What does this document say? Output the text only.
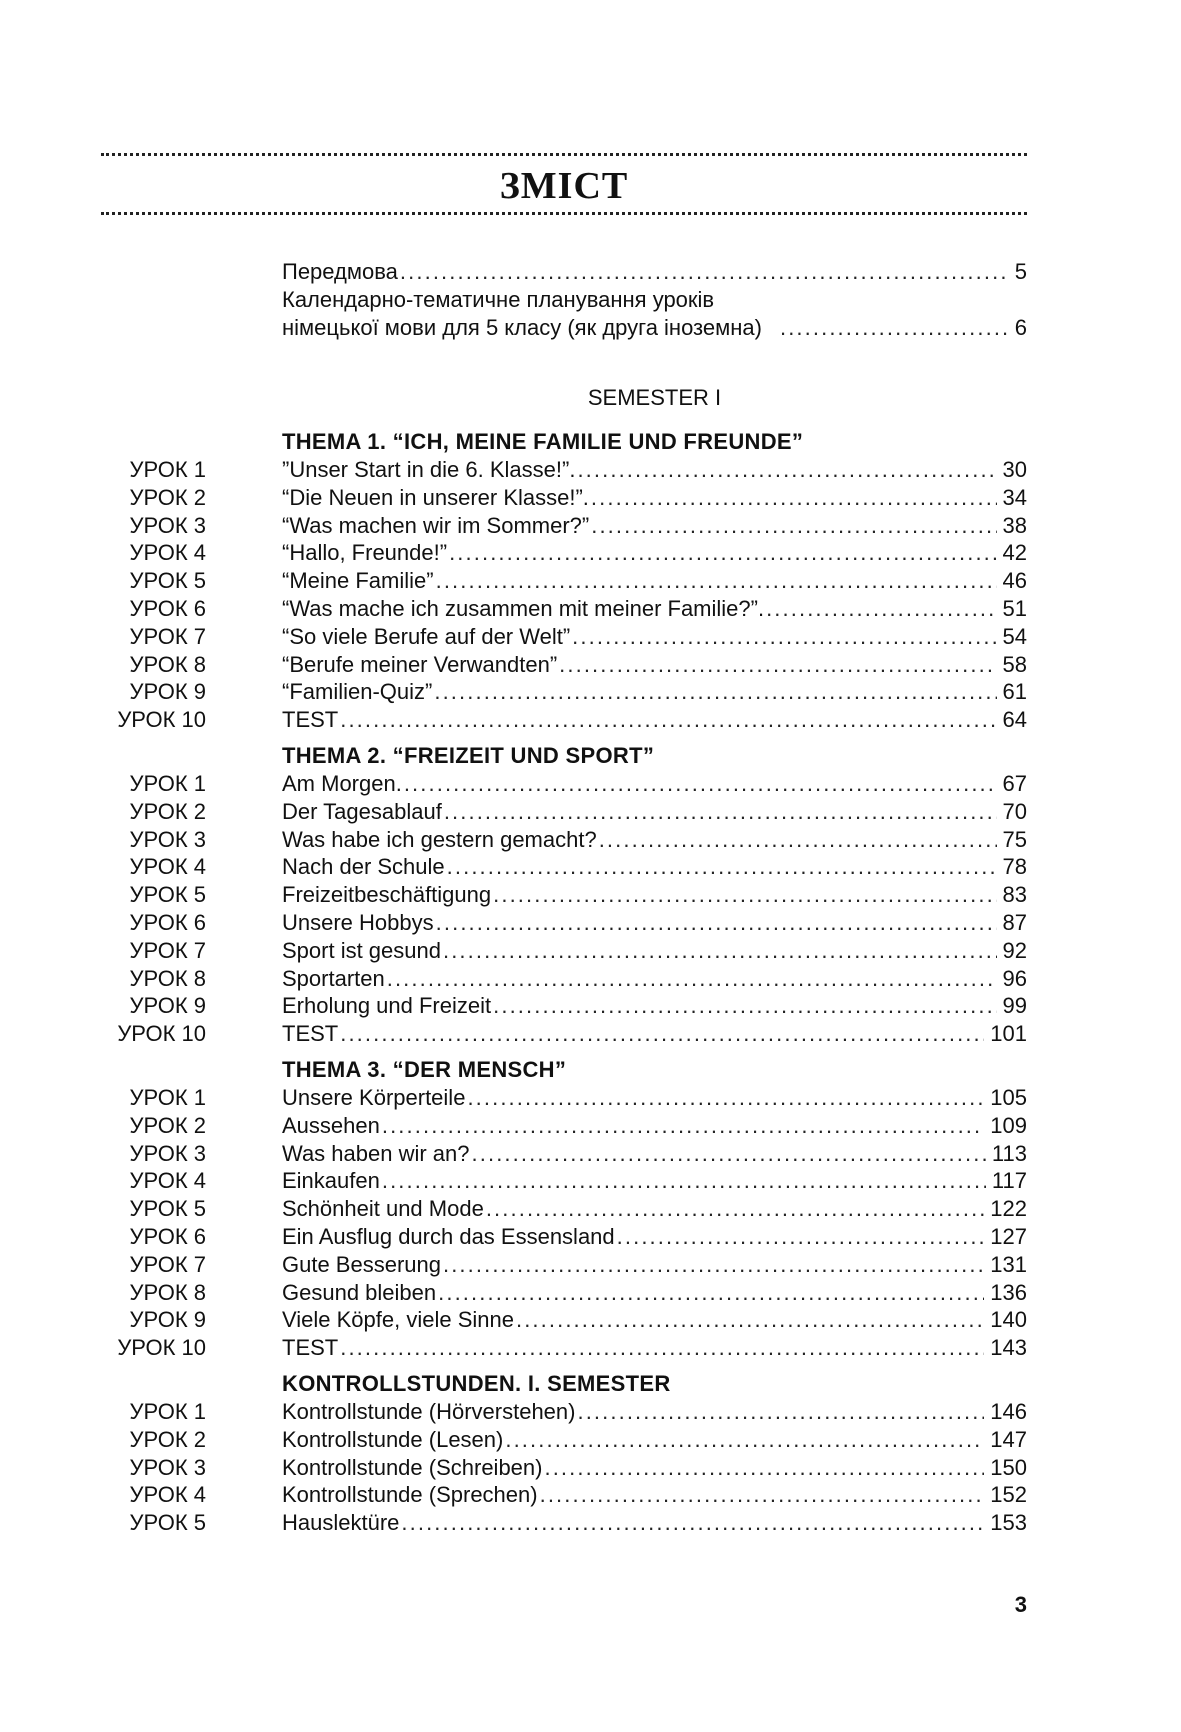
ЗМІСТ
Передмова . . .	5
Календарно-тематичне планування уроків
німецької мови для 5 класу (як друга іноземна) . . .	6
SEMESTER I
THEMA 1. “ICH, MEINE FAMILIE UND FREUNDE”
УРОК 1	”Unser Start in die 6. Klasse!”. . . .	30
УРОК 2	“Die Neuen in unserer Klasse!”. . . .	34
УРОК 3	“Was machen wir im Sommer?” . . .	38
УРОК 4	“Hallo, Freunde!” . . .	42
УРОК 5	“Meine Familie” . . .	46
УРОК 6	“Was mache ich zusammen mit meiner Familie?”. . . .	51
УРОК 7	“So viele Berufe auf der Welt” . . .	54
УРОК 8	“Berufe meiner Verwandten” . . .	58
УРОК 9	“Familien-Quiz” . . .	61
УРОК 10	TEST . . .	64
THEMA 2. “FREIZEIT UND SPORT”
УРОК 1	Am Morgen. . . .	67
УРОК 2	Der Tagesablauf . . .	70
УРОК 3	Was habe ich gestern gemacht? . . .	75
УРОК 4	Nach der Schule . . .	78
УРОК 5	Freizeitbeschäftigung . . .	83
УРОК 6	Unsere Hobbys . . .	87
УРОК 7	Sport ist gesund . . .	92
УРОК 8	Sportarten . . .	96
УРОК 9	Erholung und Freizeit . . .	99
УРОК 10	TEST . . .	101
THEMA 3. “DER MENSCH”
УРОК 1	Unsere Körperteile . . .	105
УРОК 2	Aussehen . . .	109
УРОК 3	Was haben wir an? . . .	113
УРОК 4	Einkaufen . . .	117
УРОК 5	Schönheit und Mode . . .	122
УРОК 6	Ein Ausflug durch das Essensland . . .	127
УРОК 7	Gute Besserung . . .	131
УРОК 8	Gesund bleiben . . .	136
УРОК 9	Viele Köpfe, viele Sinne . . .	140
УРОК 10	TEST . . .	143
KONTROLLSTUNDEN. I. SEMESTER
УРОК 1	Kontrollstunde (Hörverstehen) . . .	146
УРОК 2	Kontrollstunde (Lesen) . . .	147
УРОК 3	Kontrollstunde (Schreiben) . . .	150
УРОК 4	Kontrollstunde (Sprechen) . . .	152
УРОК 5	Hauslektüre . . .	153
3
